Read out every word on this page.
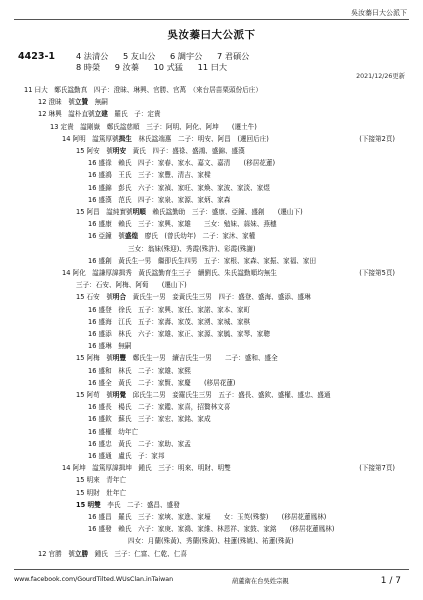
吳汝蓁曰大公派下
吳汝蓁曰大公派下
4423-1	4 法清公 5 友山公 6 調宇公 7 君碩公
8 時榮 9 汝蓁 10 式猛 11 曰大
2021/12/26更新
11 曰大　鄭氏諡勤真　四子：澄昧、琳興、官勝、官萬　（來台居苗栗頭份后庄）
12 澄昧　號立贊　無嗣
12 琳興　諡朴直號立建　羅氏　子：定貴
13 定貴　諡剛嶽　鄭氏諡慈順　三子：阿明、阿化、阿坤　　(遷土牛)
14 阿明　諡篤厚號揖生　林氏諡端惠　二子：明安、阿昌　(遷回后庄)	(下接第2頁)
15 阿安　號明安　黃氏　四子：盛祿、盛鴻、盛錦、盛漢
16 盛祿　賴氏　四子：家春、家水、嘉文、嘉清　　(移居花蓮)
16 盛鴻　王氏　三子：家豐、清吉、家樑
16 盛錦　彭氏　六子：家禎、家旺、家煥、家波、家淡、家煜
16 盛漢　范氏　四子：家泉、家源、家炳、家森
15 阿昌　諡純實號明順　賴氏諡勤助　三子：盛康、亞鐘、盛創　　(遷山下)
16 盛康　賴氏　三子：家興、家雄　　三女：勉妹、蒜妹、燕穗
16 亞鐘　號盛煌　廖氏　(曾氏幼年)　二子：家沐、家權
三女：翁妹(殊迎)、秀霞(殊許)、彩霞(殊謝)
16 盛創　黃氏生一男　繼卲氏生四男　五子：家根、家森、家振、家福、家田
14 阿化　諡謙厚諱揖秀　黃氏諡勤育生三子　續劉氏、朱氏諡勤順均無生	(下接第5頁)
三子：石安、阿梅、阿萄　　(遷山下)
15 石安　號明合　黃氏生一男　妾黃氏生三男　四子：盛登、盛海、盛添、盛琳
16 盛登　徐氏　五子：家興、家任、家諾、家本、家町
16 盛海　江氏　五子：家壽、家茂、家湧、家城、家棋
16 盛添　林氏　六子：家雄、家正、家源、家毓、家琴、家聰
16 盛琳　無嗣
15 阿梅　號明豐　鄭氏生一男　續吉氏生一男　　二子：盛和、盛全
16 盛和　林氏　二子：家雄、家熙
16 盛全　黃氏　二子：家賢、家慶　　(移居花蓮)
15 阿苟　號明覺　邱氏生二男　妾羅氏生三男　五子：盛長、盛欽、盛權、盛忠、盛通
16 盛長　楊氏　二子：家鑑、家喜，招贅林文喜
16 盛欽　蘇氏　三子：家宏、家銘、家成
16 盛權　幼年亡
16 盛忠　黃氏　二子：家助、家孟
16 盛通　盧氏　子：家邦
14 阿坤　諡篤厚諱揖坤　鍾氏　三子：明來、明財、明雙	(下接第7頁)
15 明來　青年亡
15 明財　壯年亡
15 明雙　李氏　二子：盛昌、盛發
16 盛昌　羅氏　三子：家塽、家進、家壕　　女：玉英(殊黎)　　(移居花蓮鳳林)
16 盛發　賴氏　六子：家庚、家鴻、家維、林恩祥、家鼓、家銘　　(移居花蓮鳳林)
四女：月蘭(殊黃)、秀蘭(殊黃)、桂蓮(殊姚)、祐蓮(殊黃)
12 官勝　號立勝　鍾氏　三子：仁富、仁乾、仁喜
www.facebook.com/GourdTilted.WUsClan.inTaiwan	葫蘆衛在台吳姓宗親	1 / 7
